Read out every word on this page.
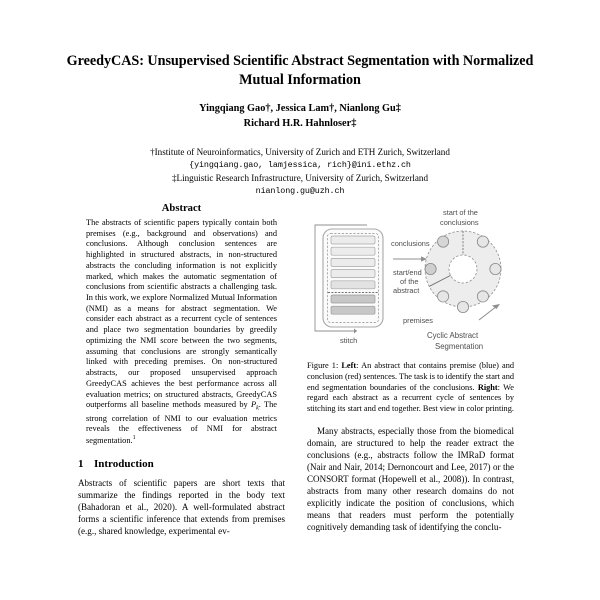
GreedyCAS: Unsupervised Scientific Abstract Segmentation with Normalized Mutual Information
Yingqiang Gao†, Jessica Lam†, Nianlong Gu‡
Richard H.R. Hahnloser‡
†Institute of Neuroinformatics, University of Zurich and ETH Zurich, Switzerland
{yingqiang.gao, lamjessica, rich}@ini.ethz.ch
‡Linguistic Research Infrastructure, University of Zurich, Switzerland
nianlong.gu@uzh.ch
Abstract
The abstracts of scientific papers typically contain both premises (e.g., background and observations) and conclusions. Although conclusion sentences are highlighted in structured abstracts, in non-structured abstracts the concluding information is not explicitly marked, which makes the automatic segmentation of conclusions from scientific abstracts a challenging task. In this work, we explore Normalized Mutual Information (NMI) as a means for abstract segmentation. We consider each abstract as a recurrent cycle of sentences and place two segmentation boundaries by greedily optimizing the NMI score between the two segments, assuming that conclusions are strongly semantically linked with preceding premises. On non-structured abstracts, our proposed unsupervised approach GreedyCAS achieves the best performance across all evaluation metrics; on structured abstracts, GreedyCAS outperforms all baseline methods measured by $P_k$. The strong correlation of NMI to our evaluation metrics reveals the effectiveness of NMI for abstract segmentation.$^1$
1 Introduction

Abstracts of scientific papers are short texts that summarize the findings reported in the body text (Bahadoran et al., 2020). A well-formulated abstract forms a scientific inference that extends from premises (e.g., shared knowledge, experimental ev-

stitch
conclusions
start/end
of the
abstract
start of the
conclusions
premises
Cyclic Abstract
Segmentation
Figure 1: Left: An abstract that contains premise (blue) and conclusion (red) sentences. The task is to identify the start and end segmentation boundaries of the conclusions. Right: We regard each abstract as a recurrent cycle of sentences by stitching its start and end together. Best view in color printing.

Many abstracts, especially those from the biomedical domain, are structured to help the reader extract the conclusions (e.g., abstracts follow the IMRaD format (Nair and Nair, 2014; Dernoncourt and Lee, 2017) or the CONSORT format (Hopewell et al., 2008)). In contrast, abstracts from many other research domains do not explicitly indicate the position of conclusions, which means that readers must perform the potentially cognitively demanding task of identifying the conclu-
